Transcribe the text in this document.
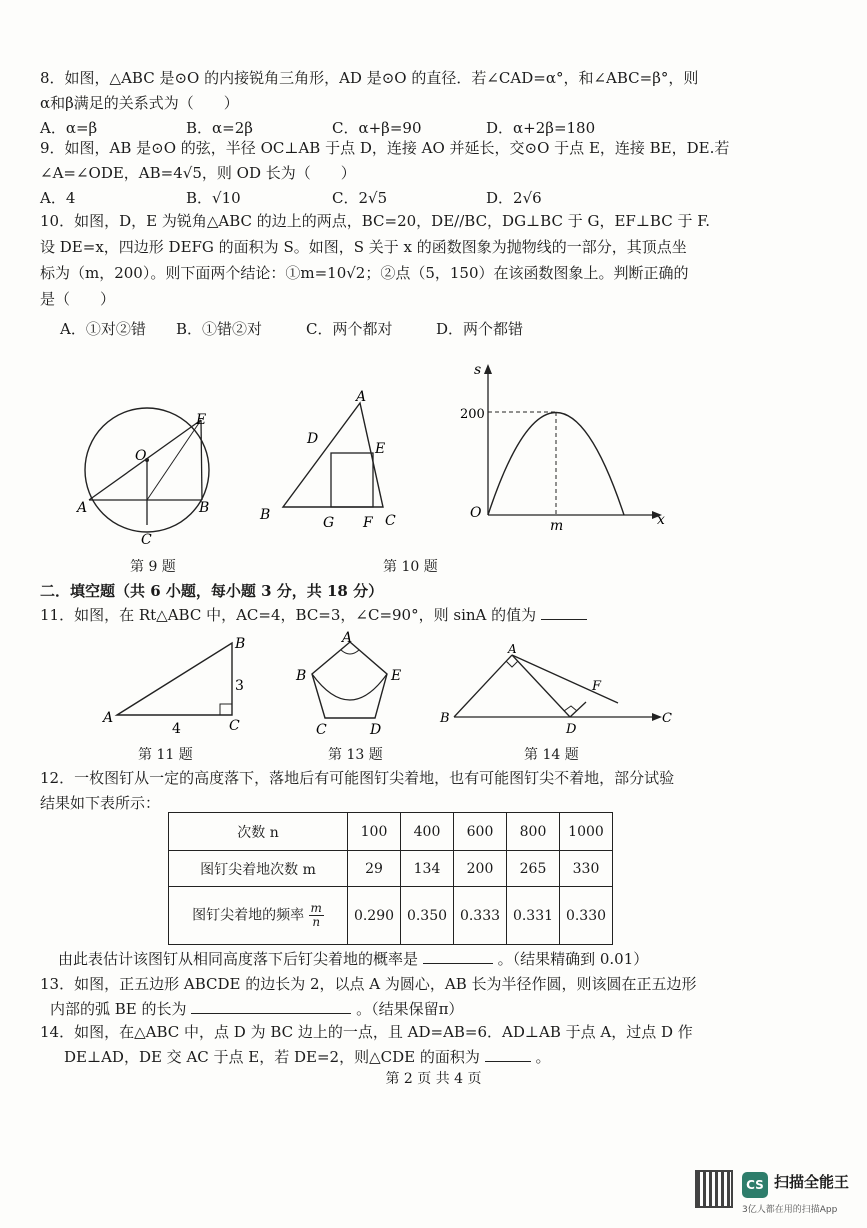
8．如图，△ABC 是⊙O 的内接锐角三角形，AD 是⊙O 的直径．若∠CAD=α°，和∠ABC=β°，则
α和β满足的关系式为（　　）
A．α=β	B．α=2β	C．α+β=90	D．α+2β=180
9．如图，AB 是⊙O 的弦，半径 OC⊥AB 于点 D，连接 AO 并延长，交⊙O 于点 E，连接 BE，DE.若
∠A=∠ODE，AB=4√5，则 OD 长为（　　）
A．4	B．√10	C．2√5	D．2√6
10．如图，D，E 为锐角△ABC 的边上的两点，BC=20，DE//BC，DG⊥BC 于 G，EF⊥BC 于 F.
设 DE=x，四边形 DEFG 的面积为 S。如图，S 关于 x 的函数图象为抛物线的一部分，其顶点坐
标为（m，200）。则下面两个结论：①m=10√2；②点（5，150）在该函数图象上。判断正确的
是（　　）
A．①对②错	B．①错②对	C．两个都对	D．两个都错
A	B
C
E
O
第 9 题
A
B	C
D
E
F
G
第 10 题
s
x
O
200
m
二．填空题（共 6 小题，每小题 3 分，共 18 分）
11．如图，在 Rt△ABC 中，AC=4，BC=3，∠C=90°，则 sinA 的值为
A
B
C
3
4
第 11 题
A
B
C	D
E
第 13 题
A
B	C
D
F
第 14 题
12．一枚图钉从一定的高度落下，落地后有可能图钉尖着地，也有可能图钉尖不着地，部分试验
结果如下表所示：
次数 n	100	400	600	800	1000
图钉尖着地次数 m	29	134	200	265	330
图钉尖着地的频率 $\frac{m}{n}$	0.290	0.350	0.333	0.331	0.330
由此表估计该图钉从相同高度落下后钉尖着地的概率是	。（结果精确到 0.01）
13．如图，正五边形 ABCDE 的边长为 2，以点 A 为圆心，AB 长为半径作圆，则该圆在正五边形
内部的弧 BE 的长为	。（结果保留π）
14．如图，在△ABC 中，点 D 为 BC 边上的一点，且 AD=AB=6．AD⊥AB 于点 A，过点 D 作
DE⊥AD，DE 交 AC 于点 E，若 DE=2，则△CDE 的面积为	。
第 2 页 共 4 页
CS 扫描全能王
3亿人都在用的扫描App
